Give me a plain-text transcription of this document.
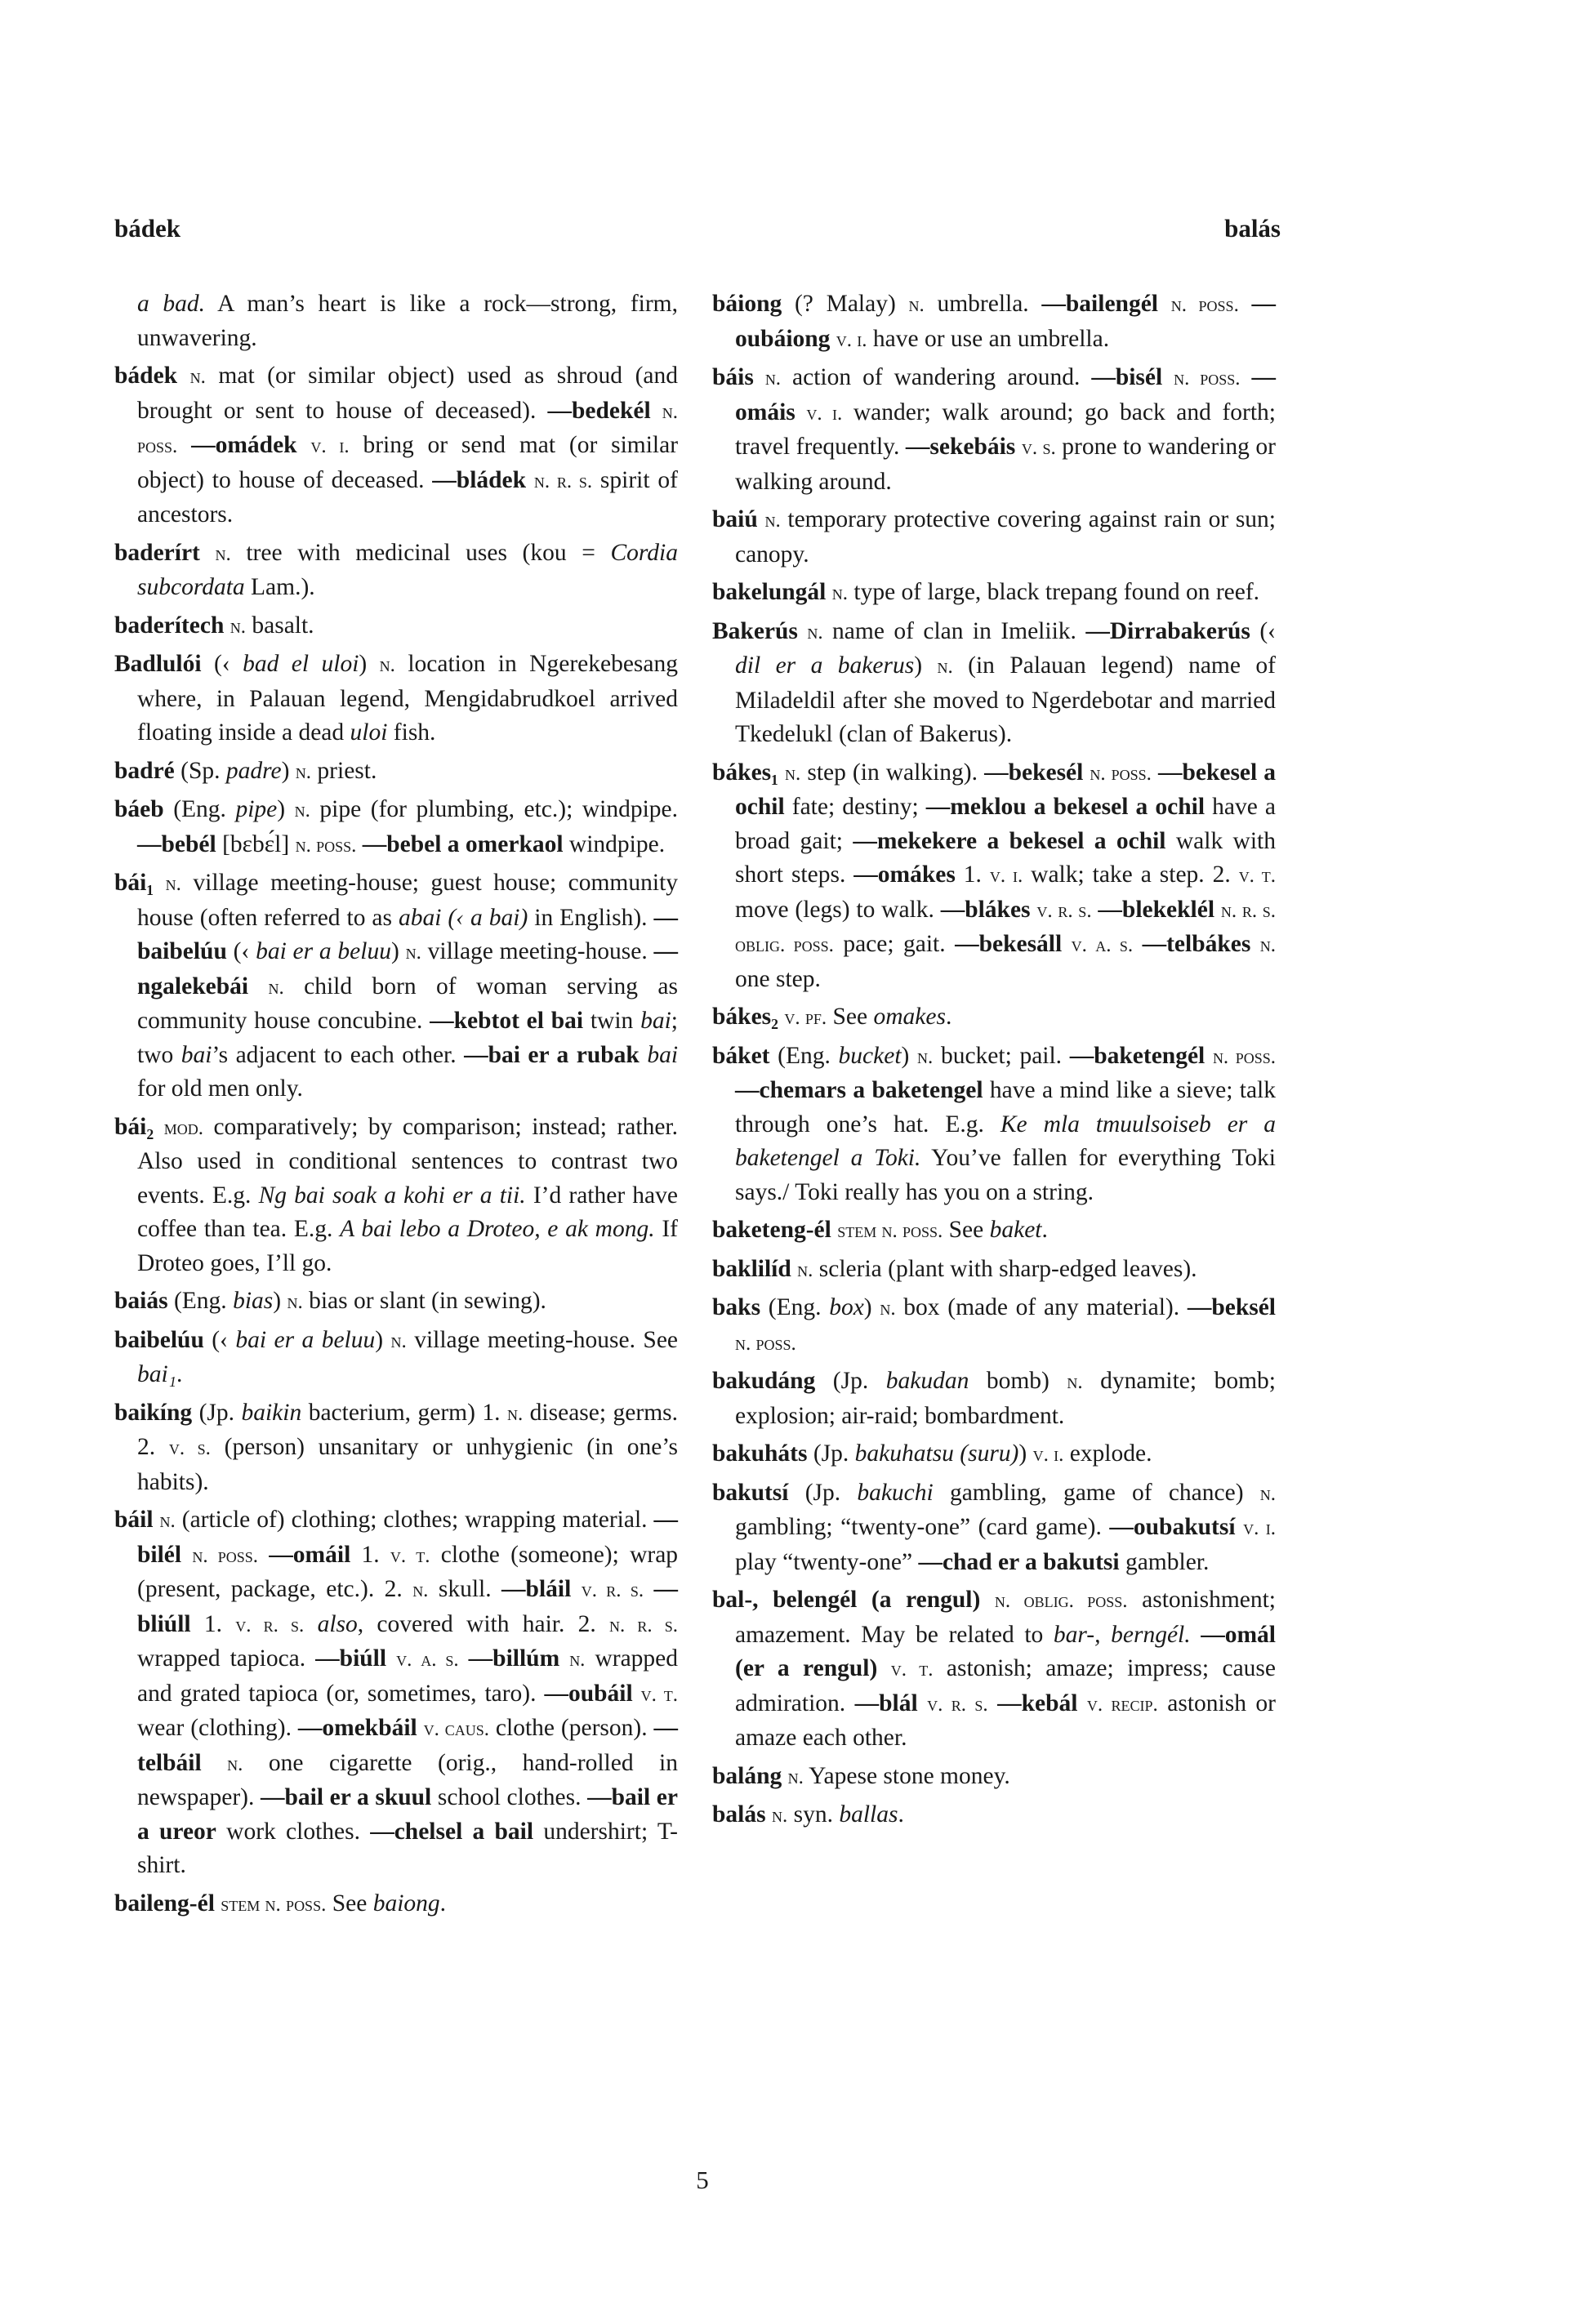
bádek	balás

a bad. A man’s heart is like a rock—strong, firm, unwavering.

bádek n. mat (or similar object) used as shroud (and brought or sent to house of deceased). —bedekél n. poss. —omádek v. i. bring or send mat (or similar object) to house of deceased. —bládek n. r. s. spirit of ancestors.

baderírt n. tree with medicinal uses (kou = Cordia subcordata Lam.).

baderítech n. basalt.

Badlulói (‹ bad el uloi) n. location in Ngerekebesang where, in Palauan legend, Mengidabrudkoel arrived floating inside a dead uloi fish.

badré (Sp. padre) n. priest.

báeb (Eng. pipe) n. pipe (for plumbing, etc.); windpipe. —bebél [bɛbɛ́l] n. poss. —bebel a omerkaol windpipe.

bái₁ n. village meeting-house; guest house; community house (often referred to as abai (‹ a bai) in English). —baibelúu (‹ bai er a beluu) n. village meeting-house. —ngalekebái n. child born of woman serving as community house concubine. —kebtot el bai twin bai; two bai’s adjacent to each other. —bai er a rubak bai for old men only.

bái₂ mod. comparatively; by comparison; instead; rather. Also used in conditional sentences to contrast two events. E.g. Ng bai soak a kohi er a tii. I’d rather have coffee than tea. E.g. A bai lebo a Droteo, e ak mong. If Droteo goes, I’ll go.

baiás (Eng. bias) n. bias or slant (in sewing).

baibelúu (‹ bai er a beluu) n. village meeting-house. See bai₁.

baikíng (Jp. baikin bacterium, germ) 1. n. disease; germs. 2. v. s. (person) unsanitary or unhygienic (in one’s habits).

báil n. (article of) clothing; clothes; wrapping material. —bilél n. poss. —omáil 1. v. t. clothe (someone); wrap (present, package, etc.). 2. n. skull. —bláil v. r. s. —bliúll 1. v. r. s. also, covered with hair. 2. n. r. s. wrapped tapioca. —biúll v. a. s. —billúm n. wrapped and grated tapioca (or, sometimes, taro). —oubáil v. t. wear (clothing). —omekbáil v. caus. clothe (person). —telbáil n. one cigarette (orig., hand-rolled in newspaper). —bail er a skuul school clothes. —bail er a ureor work clothes. —chelsel a bail undershirt; T-shirt.

baileng-él stem n. poss. See baiong.

báiong (? Malay) n. umbrella. —bailengél n. poss. —oubáiong v. i. have or use an umbrella.

báis n. action of wandering around. —bisél n. poss. —omáis v. i. wander; walk around; go back and forth; travel frequently. —sekebáis v. s. prone to wandering or walking around.

baiú n. temporary protective covering against rain or sun; canopy.

bakelungál n. type of large, black trepang found on reef.

Bakerús n. name of clan in Imeliik. —Dirrabakerús (‹ dil er a bakerus) n. (in Palauan legend) name of Miladeldil after she moved to Ngerdebotar and married Tkedelukl (clan of Bakerus).

bákes₁ n. step (in walking). —bekesél n. poss. —bekesel a ochil fate; destiny; —meklou a bekesel a ochil have a broad gait; —mekekere a bekesel a ochil walk with short steps. —omákes 1. v. i. walk; take a step. 2. v. t. move (legs) to walk. —blákes v. r. s. —blekeklél n. r. s. oblig. poss. pace; gait. —bekesáll v. a. s. —telbákes n. one step.

bákes₂ v. pf. See omakes.

báket (Eng. bucket) n. bucket; pail. —baketengél n. poss. —chemars a baketengel have a mind like a sieve; talk through one’s hat. E.g. Ke mla tmuulsoiseb er a baketengel a Toki. You’ve fallen for everything Toki says./ Toki really has you on a string.

baketeng-él stem n. poss. See baket.

baklilíd n. scleria (plant with sharp-edged leaves).

baks (Eng. box) n. box (made of any material). —beksél n. poss.

bakudáng (Jp. bakudan bomb) n. dynamite; bomb; explosion; air-raid; bombardment.

bakuháts (Jp. bakuhatsu (suru)) v. i. explode.

bakutsí (Jp. bakuchi gambling, game of chance) n. gambling; “twenty-one” (card game). —oubakutsí v. i. play “twenty-one” —chad er a bakutsi gambler.

bal-, belengél (a rengul) n. oblig. poss. astonishment; amazement. May be related to bar-, berngél. —omál (er a rengul) v. t. astonish; amaze; impress; cause admiration. —blál v. r. s. —kebál v. recip. astonish or amaze each other.

baláng n. Yapese stone money.

balás n. syn. ballas.

5
